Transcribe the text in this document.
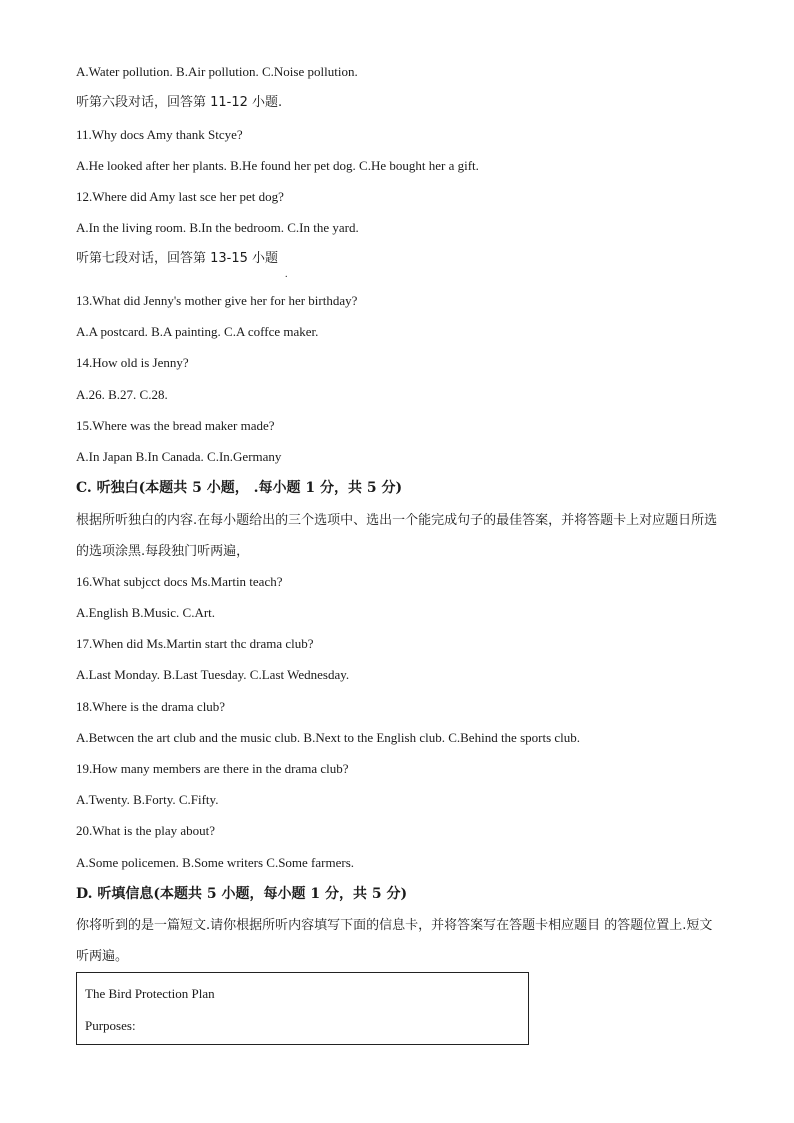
A.Water pollution. B.Air pollution. C.Noise pollution.
听第六段对话，回答第 11-12 小题.
11.Why docs Amy thank Stcye?
A.He looked after her plants. B.He found her pet dog. C.He bought her a gift.
12.Where did Amy last sce her pet dog?
A.In the living room. B.In the bedroom. C.In the yard.
听第七段对话，回答第 13-15 小题
.
13.What did Jenny's mother give her for her birthday?
A.A postcard. B.A painting. C.A coffce maker.
14.How old is Jenny?
A.26. B.27. C.28.
15.Where was the bread maker made?
A.In Japan B.In Canada. C.In.Germany
C. 听独白(本题共 5 小题， .每小题 1 分，共 5 分)
根据所听独白的内容.在每小题给出的三个选项中、选出一个能完成句子的最佳答案，并将答题卡上对应题日所选的选项涂黑.每段独门听两遍，
16.What subjcct docs Ms.Martin teach?
A.English B.Music. C.Art.
17.When did Ms.Martin start thc drama club?
A.Last Monday. B.Last Tuesday. C.Last Wednesday.
18.Where is the drama club?
A.Betwcen the art club and the music club. B.Next to the English club. C.Behind the sports club.
19.How many members are there in the drama club?
A.Twenty. B.Forty. C.Fifty.
20.What is the play about?
A.Some policemen. B.Some writers C.Some farmers.
D. 听填信息(本题共 5 小题，每小题 1 分，共 5 分)
你将听到的是一篇短文.请你根据所听内容填写下面的信息卡，并将答案写在答题卡相应题目 的答题位置上.短文听两遍。
The Bird Protection Plan
Purposes:
